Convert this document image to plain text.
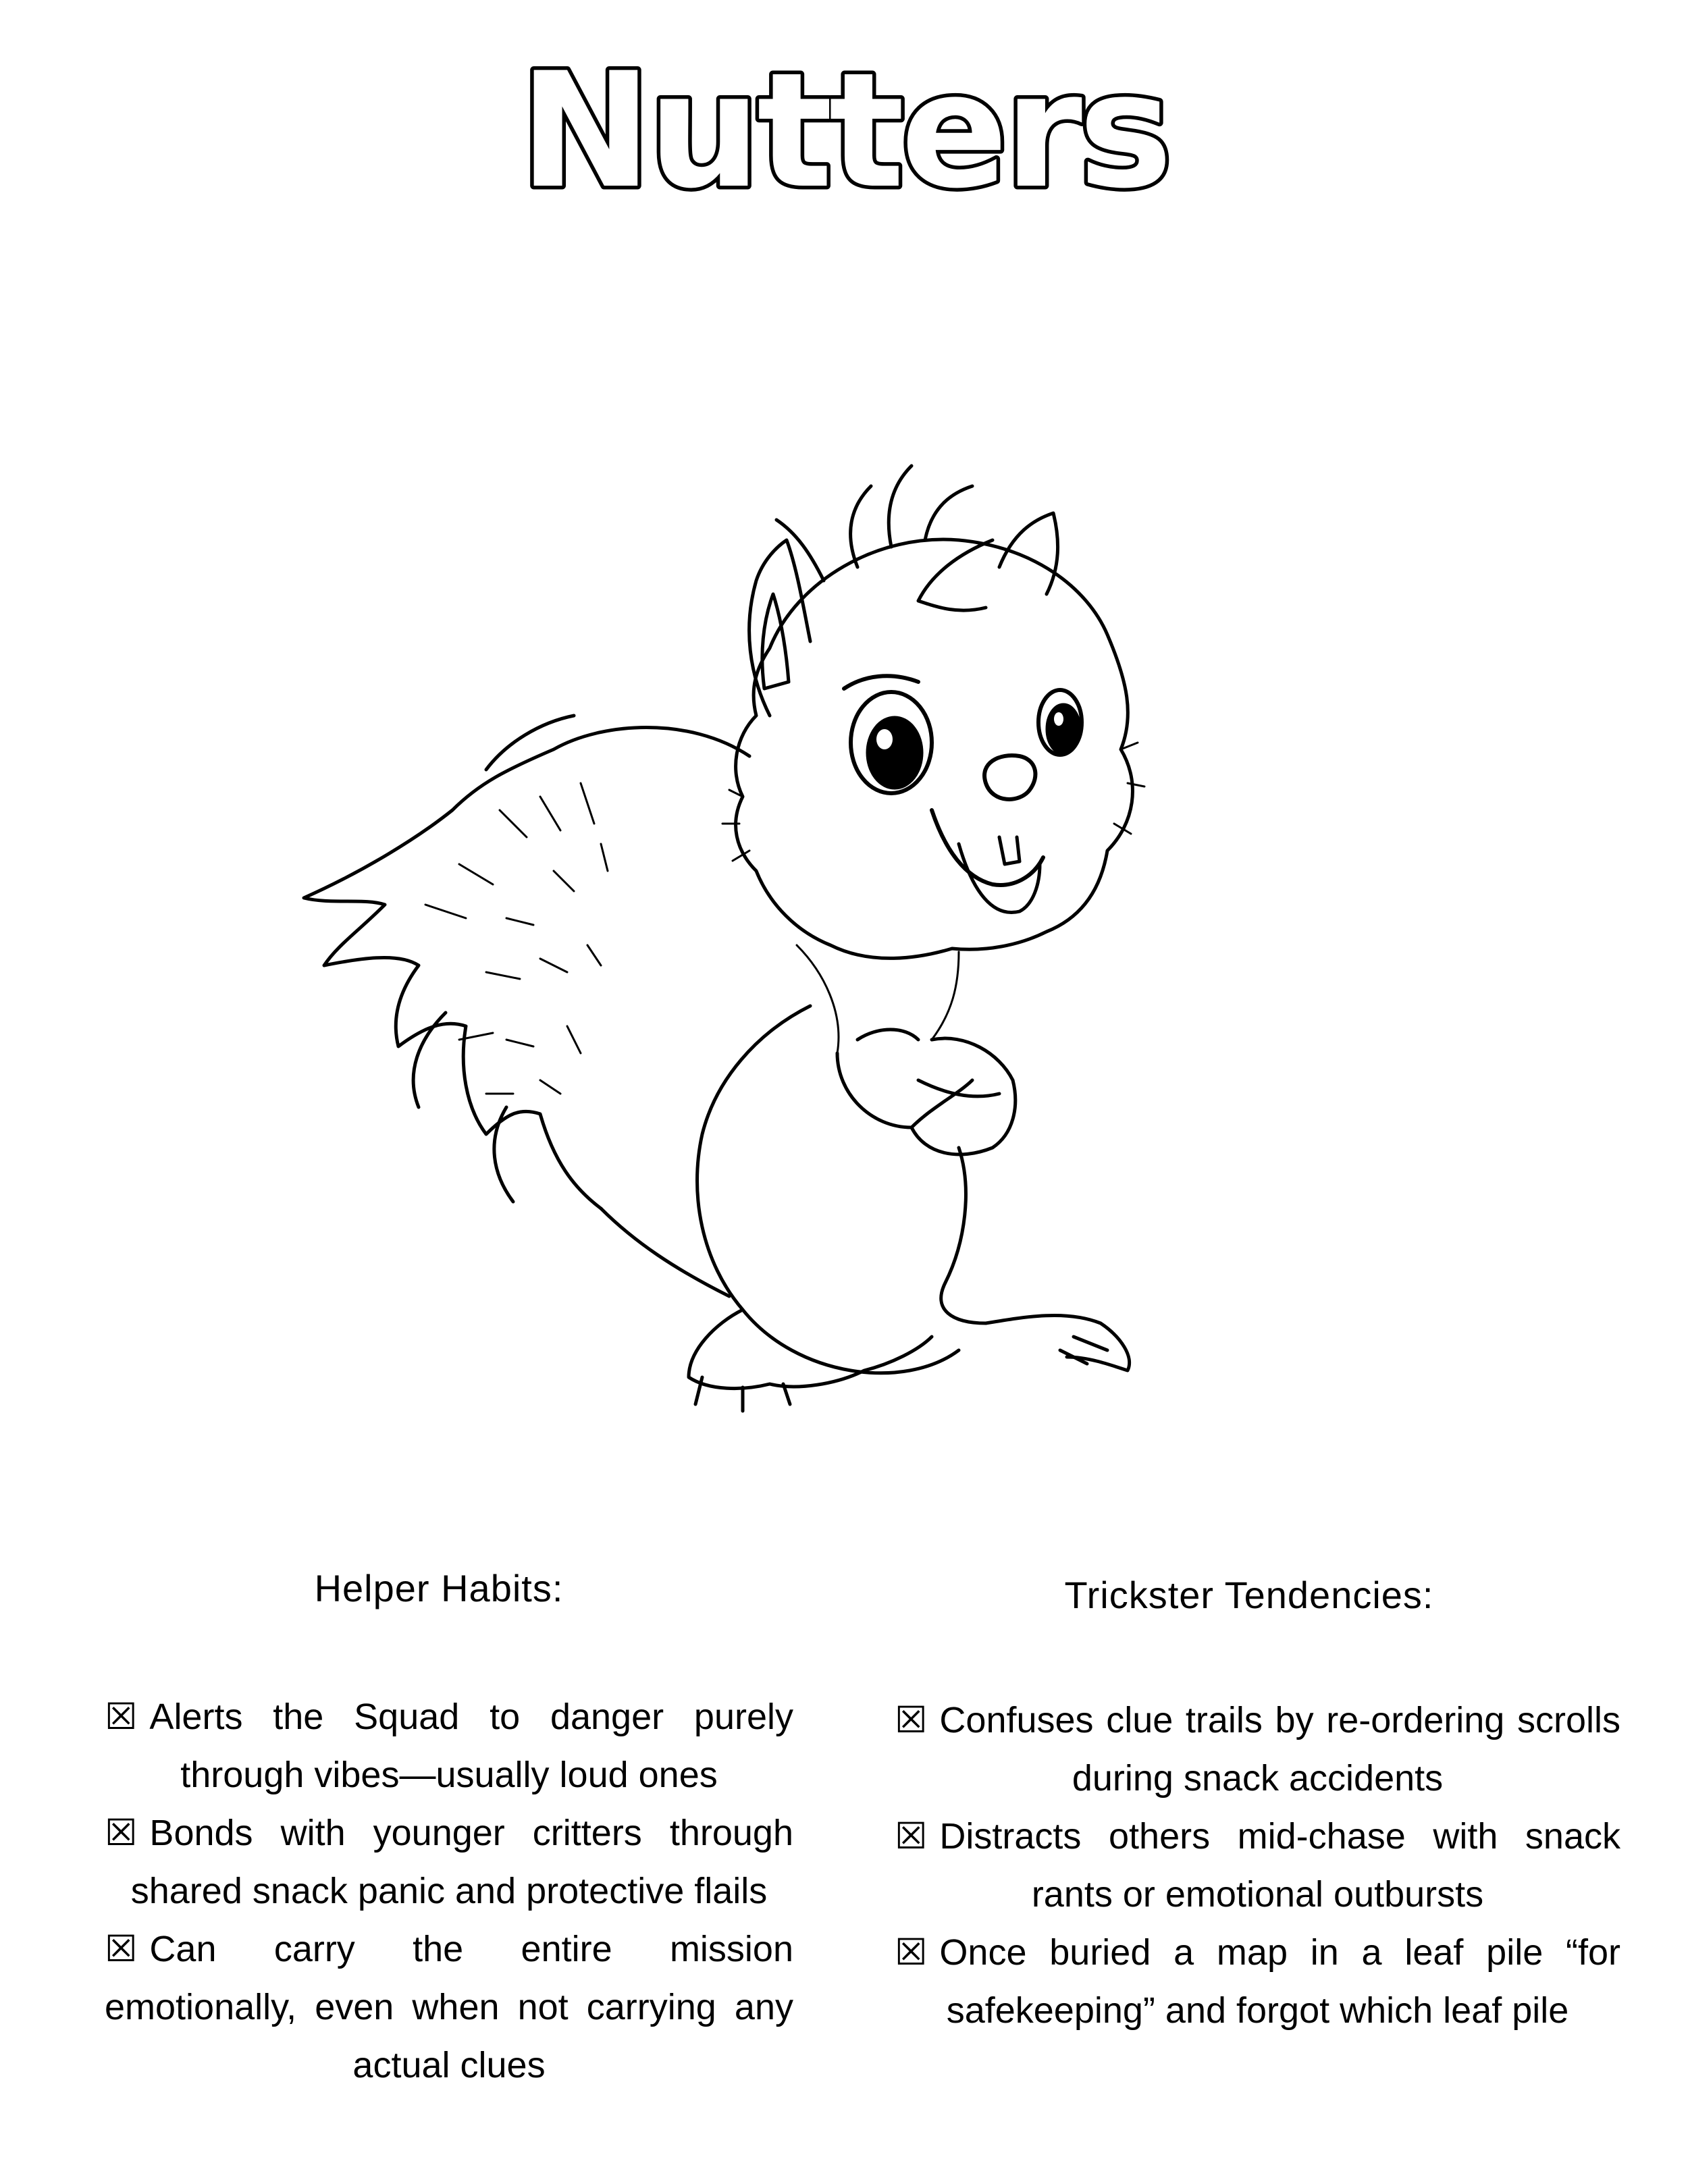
Nutters
Helper Habits:	Trickster Tendencies:
☒ Alerts the Squad to danger purely through vibes—usually loud ones
☒ Bonds with younger critters through shared snack panic and protective flails
☒ Can carry the entire mission emotionally, even when not carrying any actual clues
☒ Confuses clue trails by re-ordering scrolls during snack accidents
☒ Distracts others mid-chase with snack rants or emotional outbursts
☒ Once buried a map in a leaf pile “for safekeeping” and forgot which leaf pile
